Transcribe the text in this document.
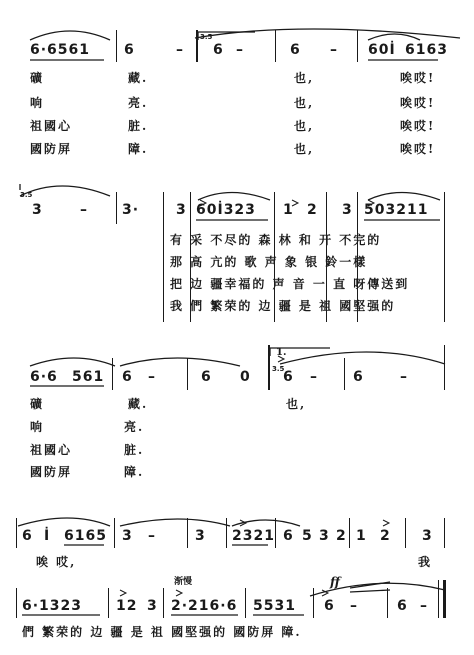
6·6561 6	–
3.5
6 –	6 – 60İ 6163
礦	藏.	也,	唉哎!
响	亮.	也,	唉哎!
祖國心	脏.	也,	唉哎!
國防屏	障.	也,	唉哎!
3.5
3	– 3·	3 60İ323 1 2 3 503211
有 采 不尽的 森 林 和 开 不完的
那 高 亢的 歌 声 象 银 鈴一樣
把 边 疆幸福的 声 音 一 直 呀傳送到
我 們 繁荣的 边 疆 是 祖 國堅强的
6·6 561 6 –	6 0
1.
3.5
6 –	6	–
礦	藏.	也,
响	亮.
祖國心	脏.
國防屏	障.
6 İ 6165 3 –	3 2321 6 5 3 2 1 2 3
唉 哎,	我
渐慢	ff
6·1323 12 3 2·216·6 5531 6 –	6 –
們 繁荣的 边 疆 是 祖 國堅强的 國防屏 障.
